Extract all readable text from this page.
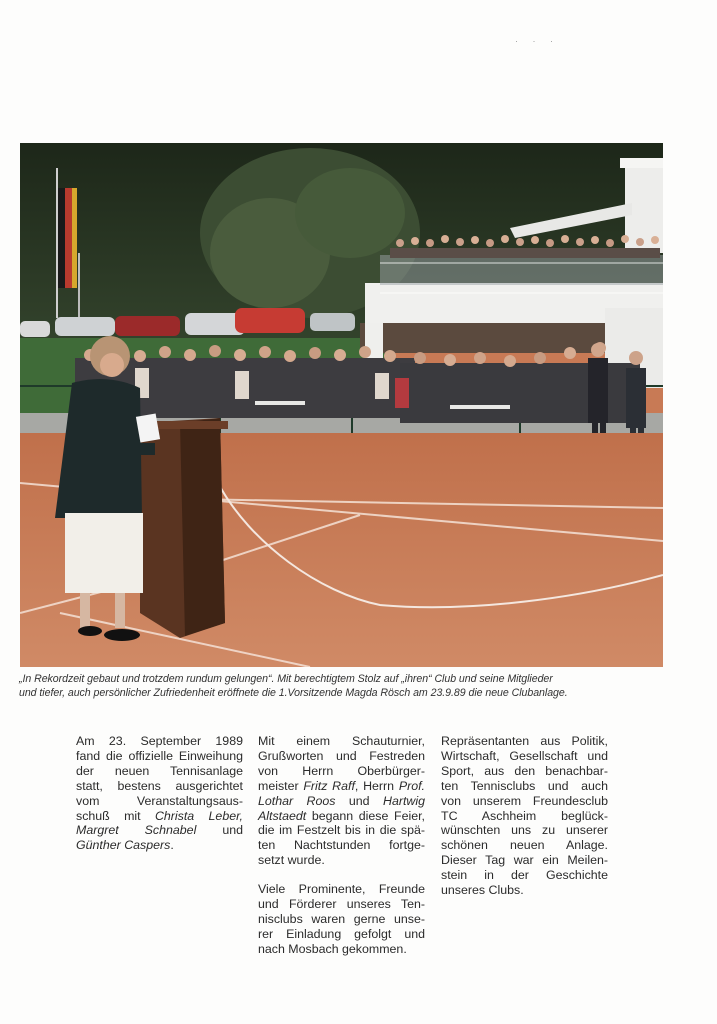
· · ·
„In Rekordzeit gebaut und trotzdem rundum gelungen“. Mit berechtigtem Stolz auf „ihren“ Club und seine Mitglieder
und tiefer, auch persönlicher Zufriedenheit eröffnete die 1.Vorsitzende Magda Rösch am 23.9.89 die neue Clubanlage.

Am 23. September 1989
fand die offizielle Einweihung
der neuen Tennisanlage
statt, bestens ausgerichtet
vom Veranstaltungsaus-
schuß mit Christa Leber,
Margret Schnabel und
Günther Caspers.

Mit einem Schauturnier,
Grußworten und Festreden
von Herrn Oberbürger-
meister Fritz Raff, Herrn Prof.
Lothar Roos und Hartwig
Altstaedt begann diese Feier,
die im Festzelt bis in die spä-
ten Nachtstunden fortge-
setzt wurde.

Viele Prominente, Freunde
und Förderer unseres Ten-
nisclubs waren gerne unse-
rer Einladung gefolgt und
nach Mosbach gekommen.

Repräsentanten aus Politik,
Wirtschaft, Gesellschaft und
Sport, aus den benachbar-
ten Tennisclubs und auch
von unserem Freundesclub
TC Aschheim beglück-
wünschten uns zu unserer
schönen neuen Anlage.
Dieser Tag war ein Meilen-
stein in der Geschichte
unseres Clubs.
